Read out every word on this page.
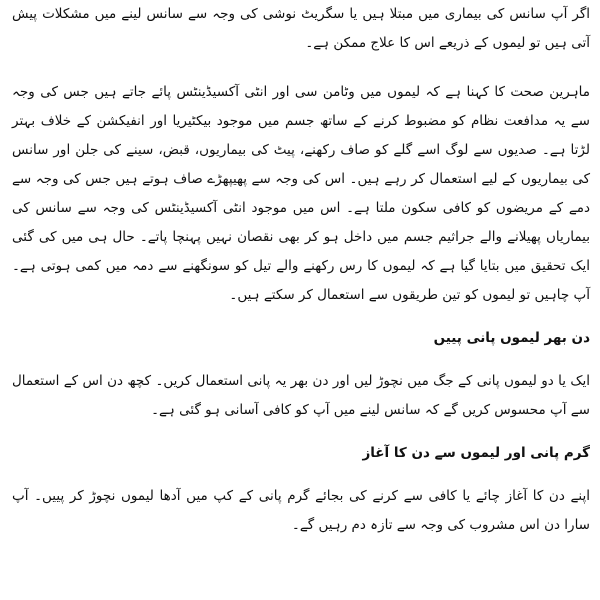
اگر آپ سانس کی بیماری میں مبتلا ہیں یا سگریٹ نوشی کی وجہ سے سانس لینے میں مشکلات پیش آتی ہیں تو لیموں کے ذریعے اس کا علاج ممکن ہے۔

ماہرین صحت کا کہنا ہے کہ لیموں میں وٹامن سی اور انٹی آکسیڈینٹس پائے جاتے ہیں جس کی وجہ سے یہ مدافعت نظام کو مضبوط کرنے کے ساتھ جسم میں موجود بیکٹیریا اور انفیکشن کے خلاف بہتر لڑتا ہے۔ صدیوں سے لوگ اسے گلے کو صاف رکھنے، پیٹ کی بیماریوں، قبض، سینے کی جلن اور سانس کی بیماریوں کے لیے استعمال کر رہے ہیں۔ اس کی وجہ سے پھیپھڑے صاف ہوتے ہیں جس کی وجہ سے دمے کے مریضوں کو کافی سکون ملتا ہے۔ اس میں موجود انٹی آکسیڈینٹس کی وجہ سے سانس کی بیماریاں پھیلانے والے جراثیم جسم میں داخل ہو کر بھی نقصان نہیں پہنچا پاتے۔ حال ہی میں کی گئی ایک تحقیق میں بتایا گیا ہے کہ لیموں کا رس رکھنے والے تیل کو سونگھنے سے دمہ میں کمی ہوتی ہے۔ آپ چاہیں تو لیموں کو تین طریقوں سے استعمال کر سکتے ہیں۔

دن بھر لیموں پانی پییں

ایک یا دو لیموں پانی کے جگ میں نچوڑ لیں اور دن بھر یہ پانی استعمال کریں۔ کچھ دن اس کے استعمال سے آپ محسوس کریں گے کہ سانس لینے میں آپ کو کافی آسانی ہو گئی ہے۔

گرم پانی اور لیموں سے دن کا آغاز

اپنے دن کا آغاز چائے یا کافی سے کرنے کی بجائے گرم پانی کے کپ میں آدھا لیموں نچوڑ کر پییں۔ آپ سارا دن اس مشروب کی وجہ سے تازہ دم رہیں گے۔
